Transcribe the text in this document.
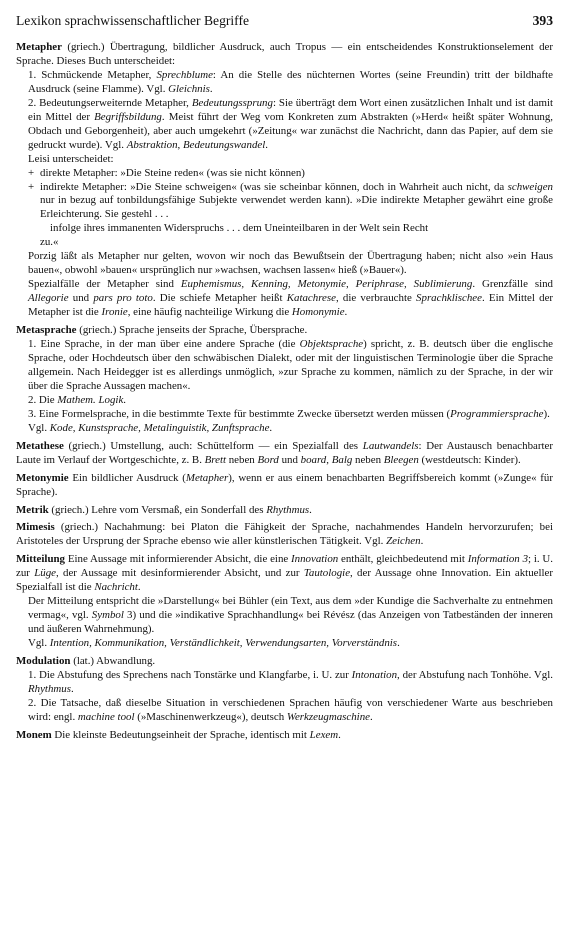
Lexikon sprachwissenschaftlicher Begriffe	393
Metapher (griech.) Übertragung, bildlicher Ausdruck, auch Tropus — ein entscheidendes Konstruktionselement der Sprache. Dieses Buch unterscheidet:
1. Schmückende Metapher, Sprechblume: An die Stelle des nüchternen Wortes (seine Freundin) tritt der bildhafte Ausdruck (seine Flamme). Vgl. Gleichnis.
2. Bedeutungserweiternde Metapher, Bedeutungssprung: Sie überträgt dem Wort einen zusätzlichen Inhalt und ist damit ein Mittel der Begriffsbildung. Meist führt der Weg vom Konkreten zum Abstrakten (»Herd« heißt später Wohnung, Obdach und Geborgenheit), aber auch umgekehrt (»Zeitung« war zunächst die Nachricht, dann das Papier, auf dem sie gedruckt wurde). Vgl. Abstraktion, Bedeutungswandel.
Leisi unterscheidet:
+ direkte Metapher: »Die Steine reden« (was sie nicht können)
+ indirekte Metapher: »Die Steine schweigen« (was sie scheinbar können, doch in Wahrheit auch nicht, da schweigen nur in bezug auf tonbildungsfähige Subjekte verwendet werden kann). »Die indirekte Metapher gewährt eine große Erleichterung. Sie gestehl . . .
infolge ihres immanenten Widerspruchs . . . dem Uneinteilbaren in der Welt sein Recht
zu.«
Porzig läßt als Metapher nur gelten, wovon wir noch das Bewußtsein der Übertragung haben; nicht also »ein Haus bauen«, obwohl »bauen« ursprünglich nur »wachsen, wachsen lassen« hieß (»Bauer«).
Spezialfälle der Metapher sind Euphemismus, Kenning, Metonymie, Periphrase, Sublimierung. Grenzfälle sind Allegorie und pars pro toto. Die schiefe Metapher heißt Katachrese, die verbrauchte Sprachklischee. Ein Mittel der Metapher ist die Ironie, eine häufig nachteilige Wirkung die Homonymie.
Metasprache (griech.) Sprache jenseits der Sprache, Übersprache.
1. Eine Sprache, in der man über eine andere Sprache (die Objektsprache) spricht, z. B. deutsch über die englische Sprache, oder Hochdeutsch über den schwäbischen Dialekt, oder mit der linguistischen Terminologie über die Sprache allgemein. Nach Heidegger ist es allerdings unmöglich, »zur Sprache zu kommen, nämlich zu der Sprache, in der wir über die Sprache Aussagen machen«.
2. Die Mathem. Logik.
3. Eine Formelsprache, in die bestimmte Texte für bestimmte Zwecke übersetzt werden müssen (Programmiersprache).
Vgl. Kode, Kunstsprache, Metalinguistik, Zunftsprache.
Metathese (griech.) Umstellung, auch: Schüttelform — ein Spezialfall des Lautwandels: Der Austausch benachbarter Laute im Verlauf der Wortgeschichte, z. B. Brett neben Bord und board, Balg neben Bleegen (westdeutsch: Kinder).
Metonymie Ein bildlicher Ausdruck (Metapher), wenn er aus einem benachbarten Begriffsbereich kommt (»Zunge« für Sprache).
Metrik (griech.) Lehre vom Versmaß, ein Sonderfall des Rhythmus.
Mimesis (griech.) Nachahmung: bei Platon die Fähigkeit der Sprache, nachahmendes Handeln hervorzurufen; bei Aristoteles der Ursprung der Sprache ebenso wie aller künstlerischen Tätigkeit. Vgl. Zeichen.
Mitteilung Eine Aussage mit informierender Absicht, die eine Innovation enthält, gleichbedeutend mit Information 3; i. U. zur Lüge, der Aussage mit desinformierender Absicht, und zur Tautologie, der Aussage ohne Innovation. Ein aktueller Spezialfall ist die Nachricht.
Der Mitteilung entspricht die »Darstellung« bei Bühler (ein Text, aus dem »der Kundige die Sachverhalte zu entnehmen vermag«, vgl. Symbol 3) und die »indikative Sprachhandlung« bei Révész (das Anzeigen von Tatbeständen der inneren und äußeren Wahrnehmung).
Vgl. Intention, Kommunikation, Verständlichkeit, Verwendungsarten, Vorverständnis.
Modulation (lat.) Abwandlung.
1. Die Abstufung des Sprechens nach Tonstärke und Klangfarbe, i. U. zur Intonation, der Abstufung nach Tonhöhe. Vgl. Rhythmus.
2. Die Tatsache, daß dieselbe Situation in verschiedenen Sprachen häufig von verschiedener Warte aus beschrieben wird: engl. machine tool (»Maschinenwerkzeug«), deutsch Werkzeugmaschine.
Monem Die kleinste Bedeutungseinheit der Sprache, identisch mit Lexem.
